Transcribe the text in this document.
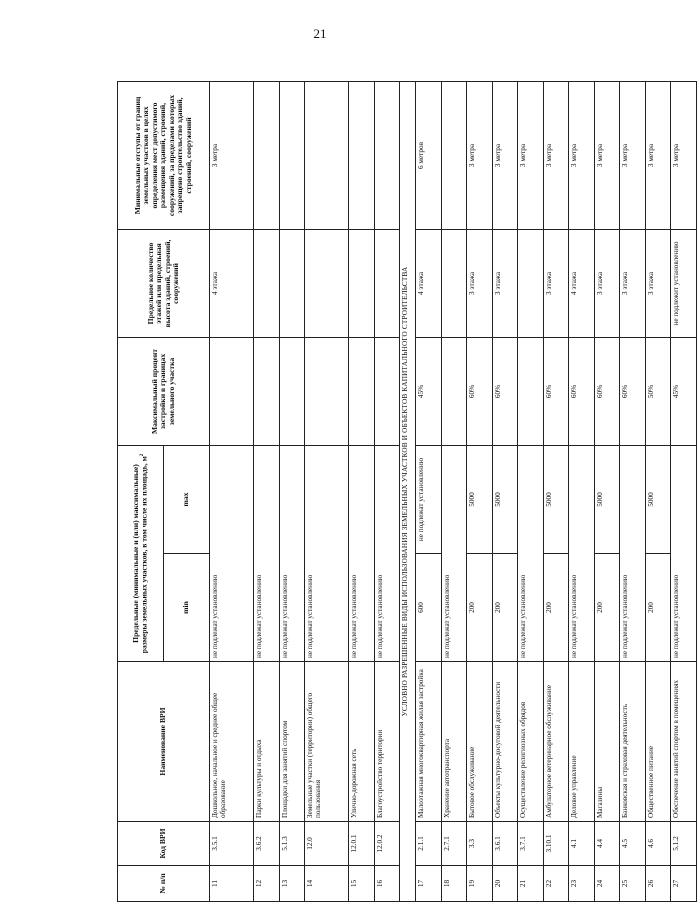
21
№ п/п	Код ВРИ	Наименование ВРИ	Предельные (минимальные и (или) максимальные) размеры земельных участков, в том числе их площадь, $м^2$		Максимальный процент застройки в границах земельного участка	Предельное количество этажей или предельная высота зданий, строений, сооружений	Минимальные отступы от границ земельных участков в целях определения мест допустимого размещения зданий, строений, сооружений, за пределами которых запрещено строительство зданий, строений, сооружений
			min	max			
11	3.5.1	Дошкольное, начальное и среднее общее образование	не подлежат установлению			4 этажа	3 метра
12	3.6.2	Парки культуры и отдыха	не подлежат установлению				
13	5.1.3	Площадки для занятий спортом	не подлежат установлению				
14	12.0	Земельные участки (территории) общего пользования	не подлежат установлению				
15	12.0.1	Улично-дорожная сеть	не подлежат установлению				
16	12.0.2	Благоустройство территории	не подлежат установлению				
УСЛОВНО РАЗРЕШЕННЫЕ ВИДЫ ИСПОЛЬЗОВАНИЯ ЗЕМЕЛЬНЫХ УЧАСТКОВ И ОБЪЕКТОВ КАПИТАЛЬНОГО СТРОИТЕЛЬСТВА							
17	2.1.1	Малоэтажная многоквартирная жилая застройка	600	не подлежат установлению	45%	4 этажа	6 метров
18	2.7.1	Хранение автотранспорта	не подлежат установлению				
19	3.3	Бытовое обслуживание	200	5000	60%	3 этажа	3 метра
20	3.6.1	Объекты культурно-досуговой деятельности	200	5000	60%	3 этажа	3 метра
21	3.7.1	Осуществление религиозных обрядов	не подлежат установлению				3 метра
22	3.10.1	Амбулаторное ветеринарное обслуживание	200	5000	60%	3 этажа	3 метра
23	4.1	Деловое управление	не подлежат установлению		60%	4 этажа	3 метра
24	4.4	Магазины	200	5000	60%	3 этажа	3 метра
25	4.5	Банковская и страховая деятельность	не подлежат установлению		60%	3 этажа	3 метра
26	4.6	Общественное питание	200	5000	50%	3 этажа	3 метра
27	5.1.2	Обеспечение занятий спортом в помещениях	не подлежат установлению		45%	не подлежит установлению	3 метра
